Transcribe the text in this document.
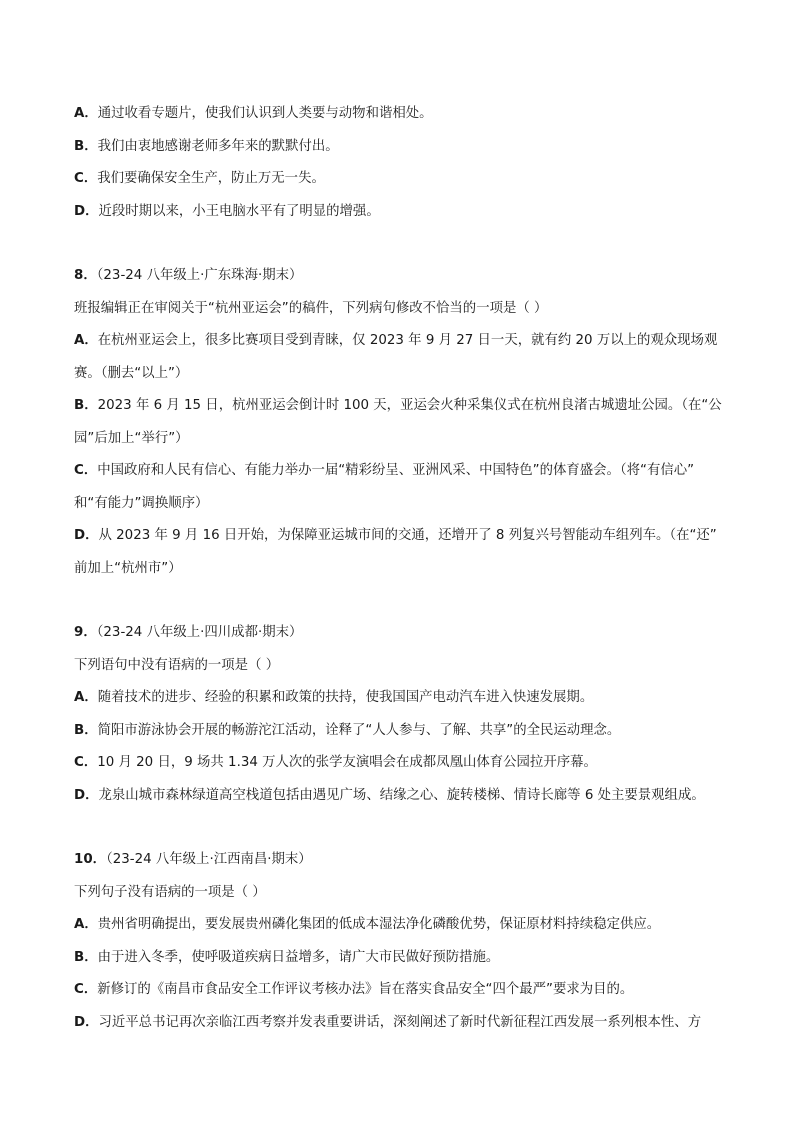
A．通过收看专题片，使我们认识到人类要与动物和谐相处。
B．我们由衷地感谢老师多年来的默默付出。
C．我们要确保安全生产，防止万无一失。
D．近段时期以来，小王电脑水平有了明显的增强。
8．（23-24 八年级上·广东珠海·期末）
班报编辑正在审阅关于“杭州亚运会”的稿件，下列病句修改不恰当的一项是（ ）
A．在杭州亚运会上，很多比赛项目受到青睐，仅 2023 年 9 月 27 日一天，就有约 20 万以上的观众现场观
赛。（删去“以上”）
B．2023 年 6 月 15 日，杭州亚运会倒计时 100 天，亚运会火种采集仪式在杭州良渚古城遗址公园。（在“公
园”后加上“举行”）
C．中国政府和人民有信心、有能力举办一届“精彩纷呈、亚洲风采、中国特色”的体育盛会。（将“有信心”
和“有能力”调换顺序）
D．从 2023 年 9 月 16 日开始，为保障亚运城市间的交通，还增开了 8 列复兴号智能动车组列车。（在“还”
前加上“杭州市”）
9．（23-24 八年级上·四川成都·期末）
下列语句中没有语病的一项是（ ）
A．随着技术的进步、经验的积累和政策的扶持，使我国国产电动汽车进入快速发展期。
B．简阳市游泳协会开展的畅游沱江活动，诠释了“人人参与、了解、共享”的全民运动理念。
C．10 月 20 日，9 场共 1.34 万人次的张学友演唱会在成都凤凰山体育公园拉开序幕。
D．龙泉山城市森林绿道高空栈道包括由遇见广场、结缘之心、旋转楼梯、情诗长廊等 6 处主要景观组成。
10．（23-24 八年级上·江西南昌·期末）
下列句子没有语病的一项是（ ）
A．贵州省明确提出，要发展贵州磷化集团的低成本湿法净化磷酸优势，保证原材料持续稳定供应。
B．由于进入冬季，使呼吸道疾病日益增多，请广大市民做好预防措施。
C．新修订的《南昌市食品安全工作评议考核办法》旨在落实食品安全“四个最严”要求为目的。
D．习近平总书记再次亲临江西考察并发表重要讲话，深刻阐述了新时代新征程江西发展一系列根本性、方
